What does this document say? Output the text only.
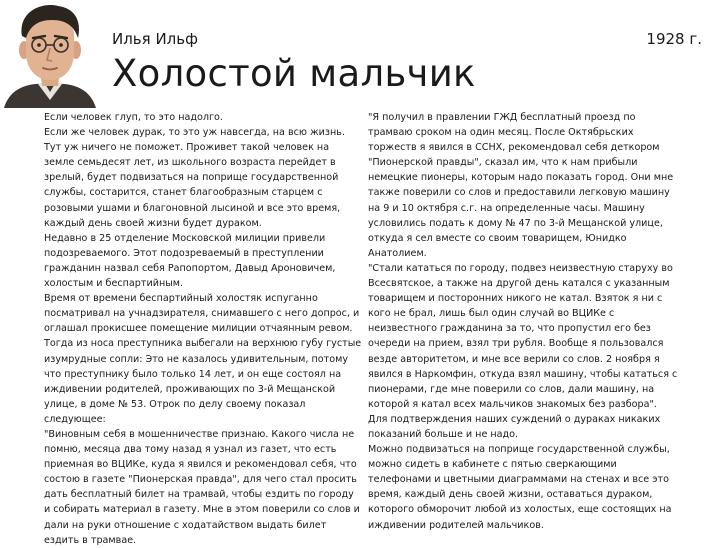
Илья Ильф	1928 г.
Холостой мальчик

Если человек глуп, то это надолго.

Если же человек дурак, то это уж навсегда, на всю жизнь. Тут уж ничего не поможет. Проживет такой человек на земле семьдесят лет, из школьного возраста перейдет в зрелый, будет подвизаться на поприще государственной службы, состарится, станет благообразным старцем с розовыми ушами и благоновной лысиной и все это время, каждый день своей жизни будет дураком.

Недавно в 25 отделение Московской милиции привели подозреваемого. Этот подозреваемый в преступлении гражданин назвал себя Рапопортом, Давыд Ароновичем, холостым и беспартийным.

Время от времени беспартийный холостяк испуганно посматривал на учнадзирателя, снимавшего с него допрос, и оглашал прокисшее помещение милиции отчаянным ревом. Тогда из носа преступника выбегали на верхнюю губу густые изумрудные сопли: Это не казалось удивительным, потому что преступнику было только 14 лет, и он еще состоял на иждивении родителей, проживающих по 3-й Мещанской улице, в доме № 53. Отрок по делу своему показал следующее:

"Виновным себя в мошенничестве признаю. Какого числа не помню, месяца два тому назад я узнал из газет, что есть приемная во ВЦИКе, куда я явился и рекомендовал себя, что состою в газете "Пионерская правда", для чего стал просить дать бесплатный билет на трамвай, чтобы ездить по городу и собирать материал в газету. Мне в этом поверили со слов и дали на руки отношение с ходатайством выдать билет ездить в трамвае.

"Я получил в правлении ГЖД бесплатный проезд по трамваю сроком на один месяц. После Октябрьских торжеств я явился в ССНХ, рекомендовал себя деткором "Пионерской правды", сказал им, что к нам прибыли немецкие пионеры, которым надо показать город. Они мне также поверили со слов и предоставили легковую машину на 9 и 10 октября с.г. на определенные часы. Машину условились подать к дому № 47 по 3-й Мещанской улице, откуда я сел вместе со своим товарищем, Юнидко Анатолием.

"Стали кататься по городу, подвез неизвестную старуху во Всесвятское, а также на другой день катался с указанным товарищем и посторонних никого не катал. Взяток я ни с кого не брал, лишь был один случай во ВЦИКе с неизвестного гражданина за то, что пропустил его без очереди на прием, взял три рубля. Вообще я пользовался везде авторитетом, и мне все верили со слов. 2 ноября я явился в Наркомфин, откуда взял машину, чтобы кататься с пионерами, где мне поверили со слов, дали машину, на которой я катал всех мальчиков знакомых без разбора".

Для подтверждения наших суждений о дураках никаких показаний больше и не надо.

Можно подвизаться на поприще государственной службы, можно сидеть в кабинете с пятью сверкающими телефонами и цветными диаграммами на стенах и все это время, каждый день своей жизни, оставаться дураком, которого обморочит любой из холостых, еще состоящих на иждивении родителей мальчиков.
